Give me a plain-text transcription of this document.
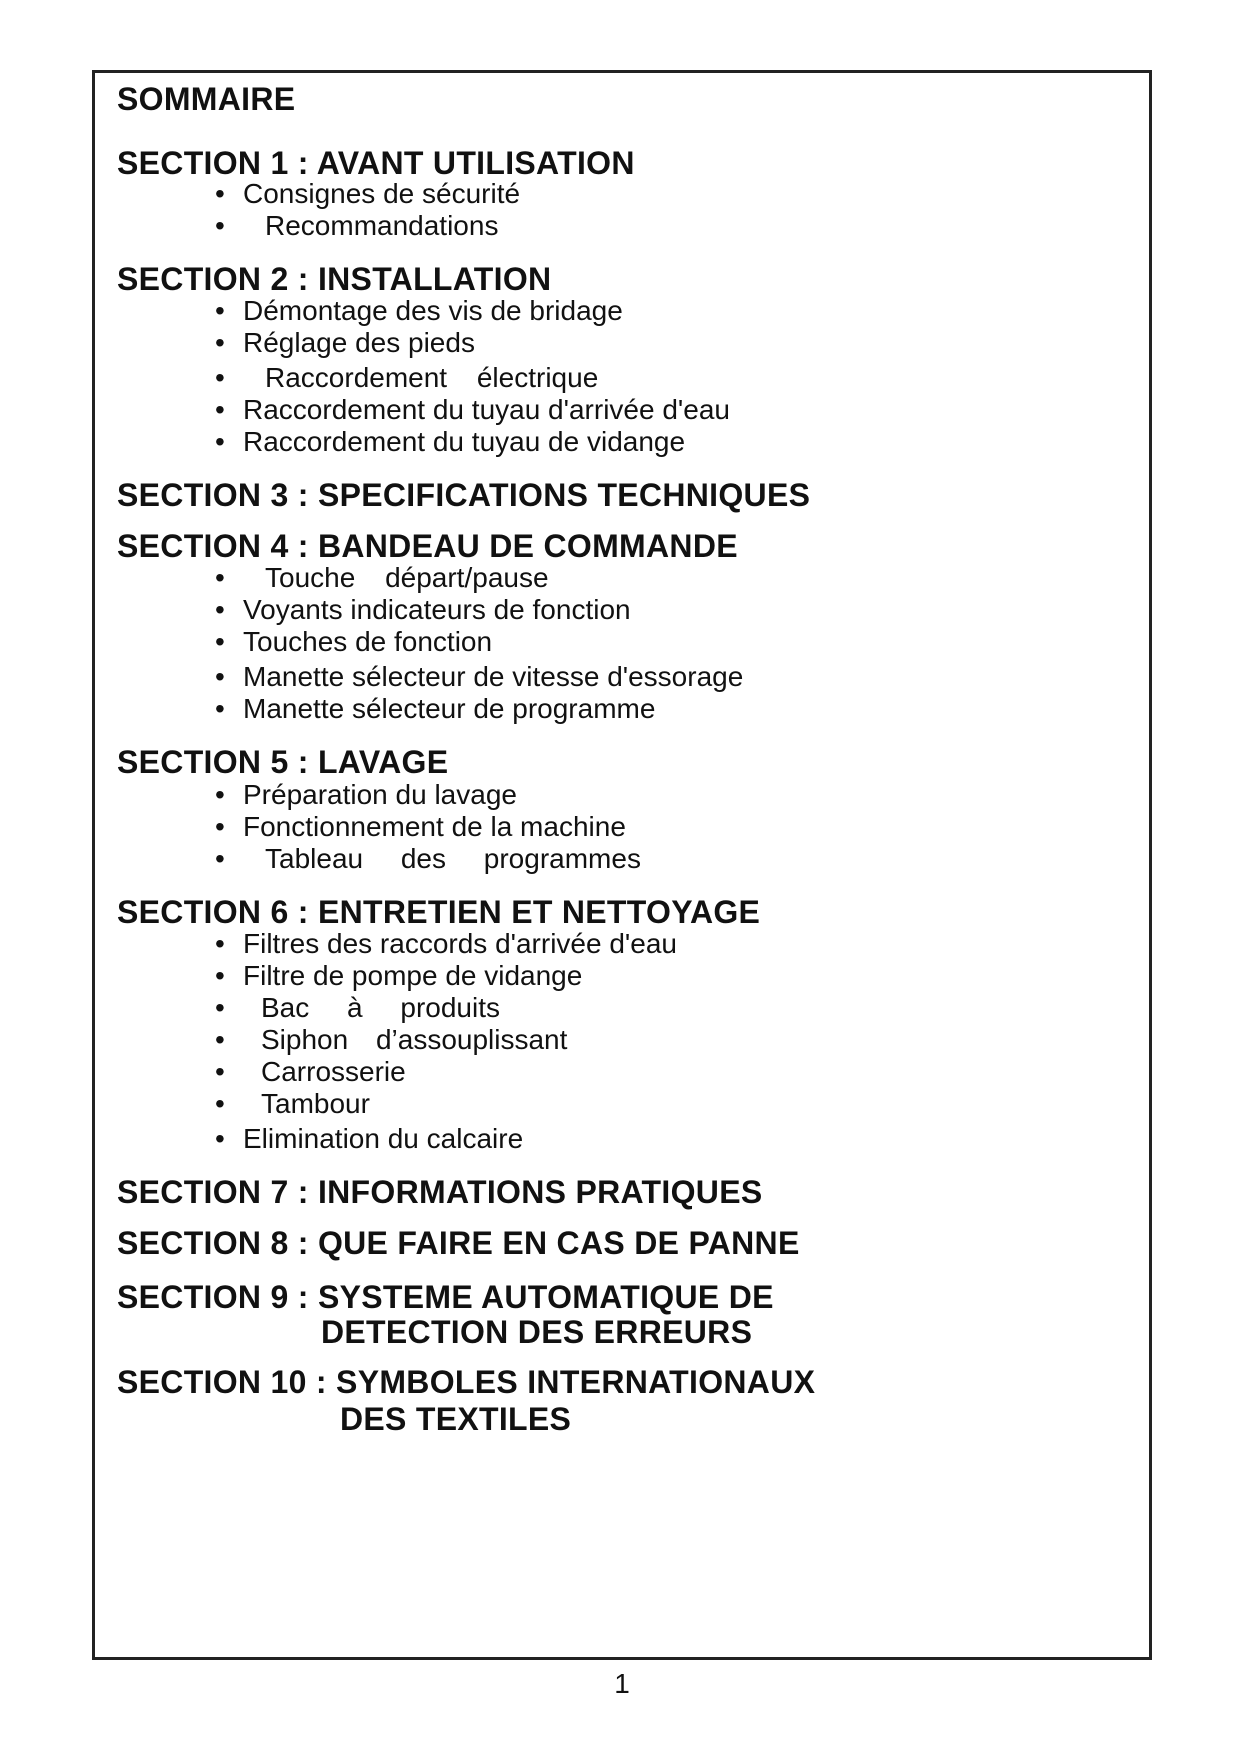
SOMMAIRE
SECTION 1 : AVANT UTILISATION
• Consignes de sécurité
• Recommandations
SECTION 2 : INSTALLATION
• Démontage des vis de bridage
• Réglage des pieds
• Raccordement électrique
• Raccordement du tuyau d'arrivée d'eau
• Raccordement du tuyau de vidange
SECTION 3 : SPECIFICATIONS TECHNIQUES
SECTION 4 : BANDEAU DE COMMANDE
• Touche départ/pause
• Voyants indicateurs de fonction
• Touches de fonction
• Manette sélecteur de vitesse d'essorage
• Manette sélecteur de programme
SECTION 5 : LAVAGE
• Préparation du lavage
• Fonctionnement de la machine
• Tableau des programmes
SECTION 6 : ENTRETIEN ET NETTOYAGE
• Filtres des raccords d'arrivée d'eau
• Filtre de pompe de vidange
• Bac à produits
• Siphon d’assouplissant
• Carrosserie
• Tambour
• Elimination du calcaire
SECTION 7 : INFORMATIONS PRATIQUES
SECTION 8 : QUE FAIRE EN CAS DE PANNE
SECTION 9 : SYSTEME AUTOMATIQUE DE
DETECTION DES ERREURS
SECTION 10 : SYMBOLES INTERNATIONAUX
DES TEXTILES
1
